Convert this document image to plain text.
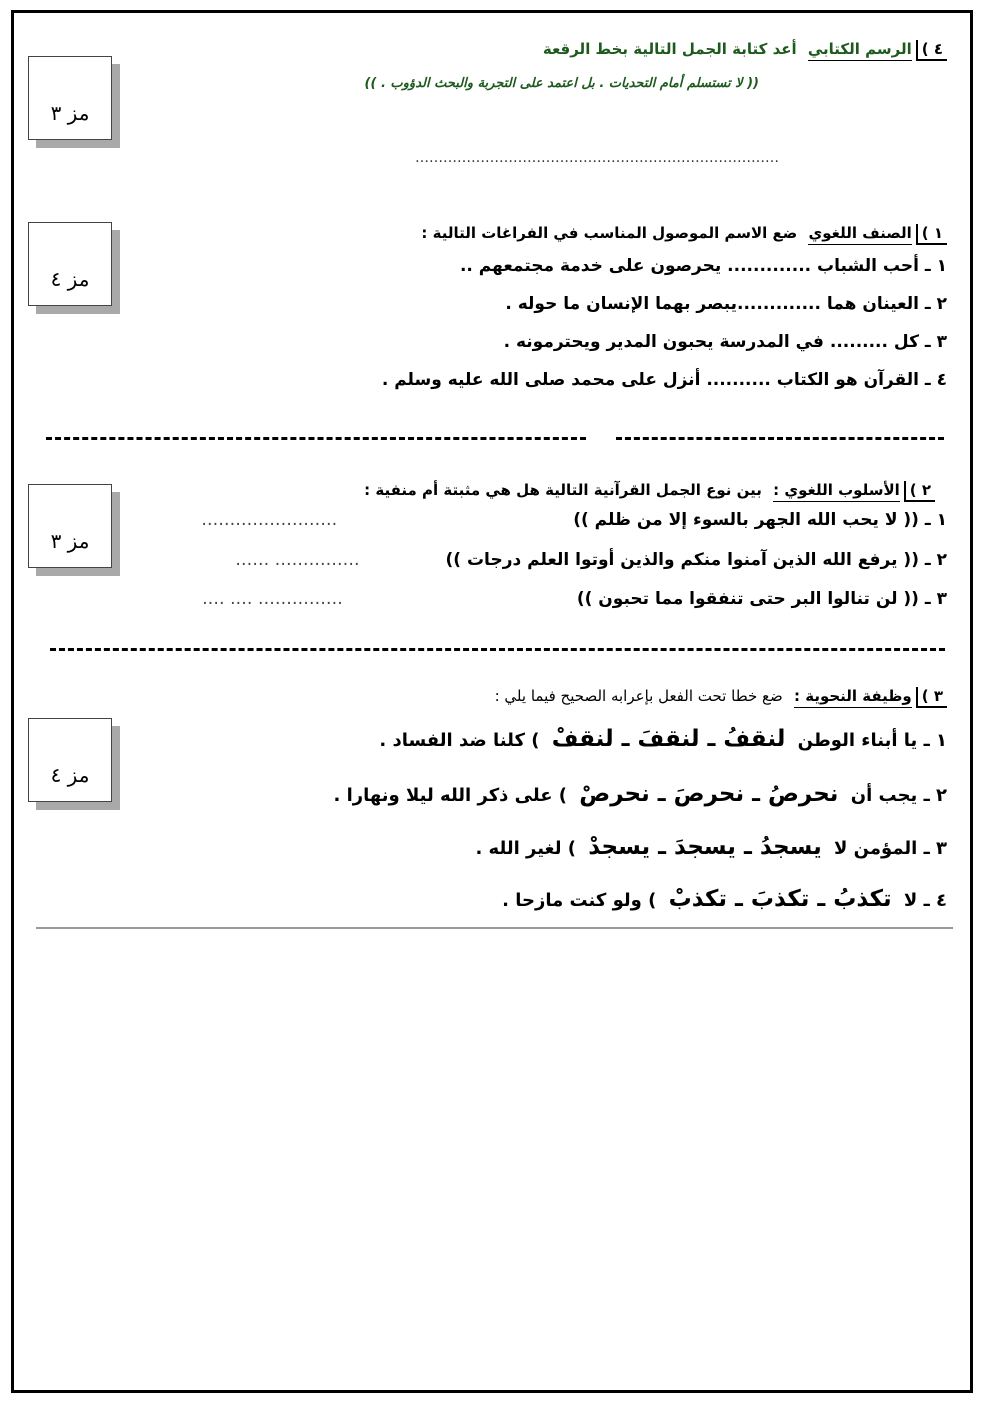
مز ٣
٤ )الرسم الكتابي أعد كتابة الجمل التالية بخط الرقعة
(( لا تستسلم أمام التحديات . بل اعتمد على التجربة والبحث الدؤوب . ))
……………………………………………………………………
مز ٤
١ )الصنف اللغوي ضع الاسم الموصول المناسب في الفراغات التالية :
١ ـ أحب الشباب ............. يحرصون على خدمة مجتمعهم ..
٢ ـ العينان هما .............يبصر بهما الإنسان ما حوله .
٣ ـ كل ......... في المدرسة يحبون المدير ويحترمونه .
٤ ـ القرآن هو الكتاب .......... أنزل على محمد صلى الله عليه وسلم .
مز ٣
٢ )الأسلوب اللغوي : بين نوع الجمل القرآنية التالية هل هي مثبتة أم منفية :
١ ـ (( لا يحب الله الجهر بالسوء إلا من ظلم )) ……………………
٢ ـ (( يرفع الله الذين آمنوا منكم والذين أوتوا العلم درجات )) …………… ……
٣ ـ (( لن تنالوا البر حتى تنفقوا مما تحبون )) …………… …. ….
مز ٤
٣ )وظيفة النحوية : ضع خطا تحت الفعل بإعرابه الصحيح فيما يلي :
١ ـ يا أبناء الوطن لنقفُ ـ لنقفَ ـ لنقفْ ) كلنا ضد الفساد .
٢ ـ يجب أن نحرصُ ـ نحرصَ ـ نحرصْ ) على ذكر الله ليلا ونهارا .
٣ ـ المؤمن لا يسجدُ ـ يسجدَ ـ يسجدْ ) لغير الله .
٤ ـ لا تكذبُ ـ تكذبَ ـ تكذبْ ) ولو كنت مازحا .
